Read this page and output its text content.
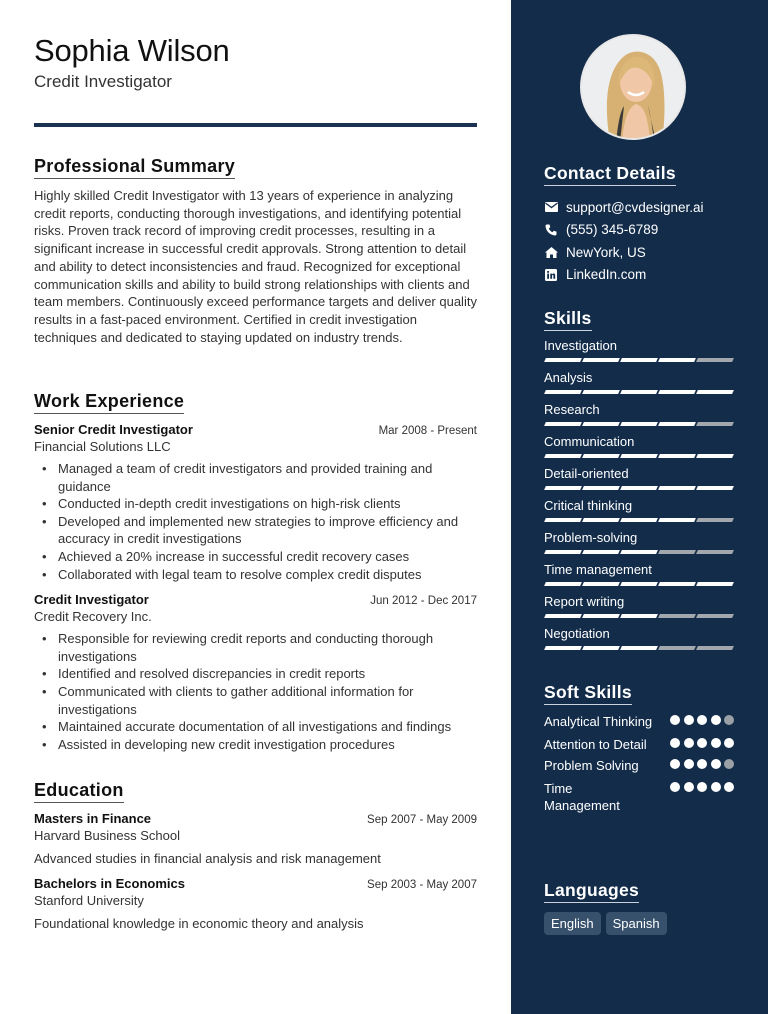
Sophia Wilson
Credit Investigator
Professional Summary

Highly skilled Credit Investigator with 13 years of experience in analyzing credit reports, conducting thorough investigations, and identifying potential risks. Proven track record of improving credit processes, resulting in a significant increase in successful credit approvals. Strong attention to detail and ability to detect inconsistencies and fraud. Recognized for exceptional communication skills and ability to build strong relationships with clients and team members. Continuously exceed performance targets and deliver quality results in a fast-paced environment. Certified in credit investigation techniques and dedicated to staying updated on industry trends.

Work Experience
Senior Credit Investigator	Mar 2008 - Present
Financial Solutions LLC
• Managed a team of credit investigators and provided training and guidance
• Conducted in-depth credit investigations on high-risk clients
• Developed and implemented new strategies to improve efficiency and accuracy in credit investigations
• Achieved a 20% increase in successful credit recovery cases
• Collaborated with legal team to resolve complex credit disputes
Credit Investigator	Jun 2012 - Dec 2017
Credit Recovery Inc.
• Responsible for reviewing credit reports and conducting thorough investigations
• Identified and resolved discrepancies in credit reports
• Communicated with clients to gather additional information for investigations
• Maintained accurate documentation of all investigations and findings
• Assisted in developing new credit investigation procedures
Education
Masters in Finance	Sep 2007 - May 2009
Harvard Business School
Advanced studies in financial analysis and risk management
Bachelors in Economics	Sep 2003 - May 2007
Stanford University
Foundational knowledge in economic theory and analysis
Contact Details
support@cvdesigner.ai
(555) 345-6789
NewYork, US
LinkedIn.com
Skills
Investigation
Analysis
Research
Communication
Detail-oriented
Critical thinking
Problem-solving
Time management
Report writing
Negotiation
Soft Skills
Analytical Thinking
Attention to Detail
Problem Solving
Time Management
Languages
English	Spanish
